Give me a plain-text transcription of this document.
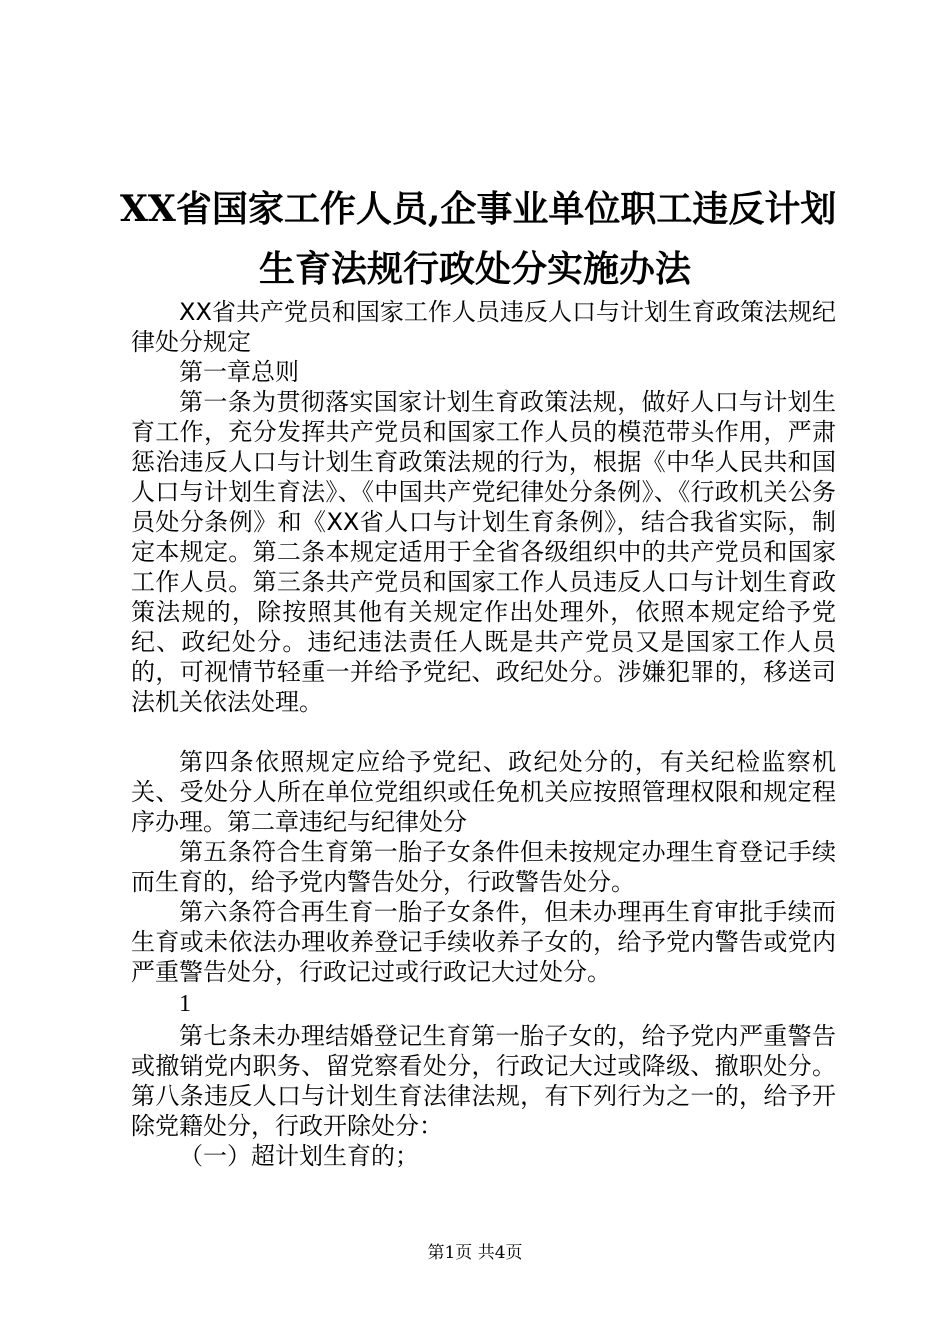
XX省国家工作人员,企事业单位职工违反计划
生育法规行政处分实施办法

XX省共产党员和国家工作人员违反人口与计划生育政策法规纪律处分规定

第一章总则

第一条为贯彻落实国家计划生育政策法规，做好人口与计划生育工作，充分发挥共产党员和国家工作人员的模范带头作用，严肃惩治违反人口与计划生育政策法规的行为，根据《中华人民共和国人口与计划生育法》、《中国共产党纪律处分条例》、《行政机关公务员处分条例》和《XX省人口与计划生育条例》，结合我省实际，制定本规定。第二条本规定适用于全省各级组织中的共产党员和国家工作人员。第三条共产党员和国家工作人员违反人口与计划生育政策法规的，除按照其他有关规定作出处理外，依照本规定给予党纪、政纪处分。违纪违法责任人既是共产党员又是国家工作人员的，可视情节轻重一并给予党纪、政纪处分。涉嫌犯罪的，移送司法机关依法处理。

第四条依照规定应给予党纪、政纪处分的，有关纪检监察机关、受处分人所在单位党组织或任免机关应按照管理权限和规定程序办理。第二章违纪与纪律处分

第五条符合生育第一胎子女条件但未按规定办理生育登记手续而生育的，给予党内警告处分，行政警告处分。

第六条符合再生育一胎子女条件，但未办理再生育审批手续而生育或未依法办理收养登记手续收养子女的，给予党内警告或党内严重警告处分，行政记过或行政记大过处分。

1

第七条未办理结婚登记生育第一胎子女的，给予党内严重警告或撤销党内职务、留党察看处分，行政记大过或降级、撤职处分。第八条违反人口与计划生育法律法规，有下列行为之一的，给予开除党籍处分，行政开除处分：

（一）超计划生育的；

第1页 共4页
